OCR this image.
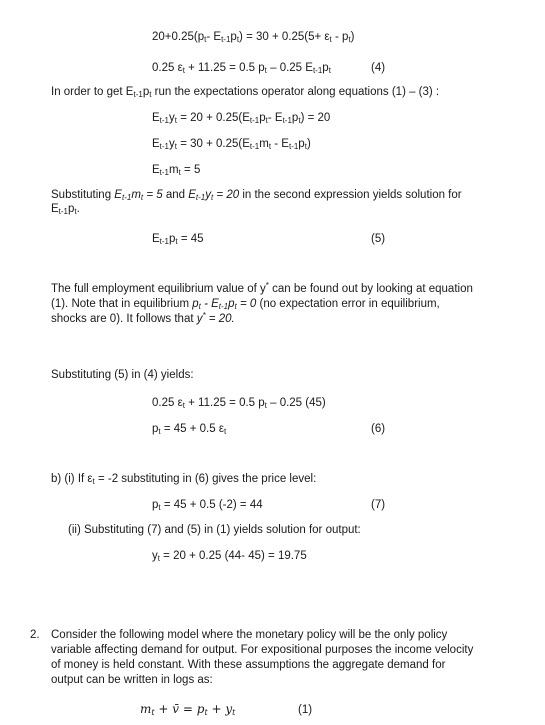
$20+0.25(p_t-$ $E_{t-1}p_t) = 30 + 0.25(5+ \varepsilon_t - p_t)$
0.25 $\varepsilon_t + 11.25 = 0.5$ $p_t - 0.25$ $E_{t-1}p_t$	(4)
In order to get $E_{t-1}p_t$ run the expectations operator along equations (1) – (3) :
$E_{t-1}y_t = 20 + 0.25(E_{t-1}p_t-$ $E_{t-1}p_t) = 20$
$E_{t-1}y_t = 30 + 0.25(E_{t-1}m_t - E_{t-1}p_t)$
$E_{t-1}m_t = 5$
Substituting $E_{t-1}m_t = 5$ and $E_{t-1}y_t = 20$ in the second expression yields solution for
$E_{t-1}p_t$.
$E_{t-1}p_t = 45$	(5)
The full employment equilibrium value of y* can be found out by looking at equation
(1). Note that in equilibrium $p_t - E_{t-1}p_t = 0$ (no expectation error in equilibrium,
shocks are 0). It follows that y* = 20.
Substituting (5) in (4) yields:
0.25 $\varepsilon_t + 11.25 = 0.5$ $p_t - 0.25$ (45)
$p_t = 45 + 0.5$ $\varepsilon_t$	(6)
b) (i) If $\varepsilon_t = -2$ substituting in (6) gives the price level:
$p_t = 45 + 0.5$ (-2) = 44	(7)
(ii) Substituting (7) and (5) in (1) yields solution for output:
$y_t = 20 + 0.25$ (44- 45) = 19.75
2. Consider the following model where the monetary policy will be the only policy
variable affecting demand for output. For expositional purposes the income velocity
of money is held constant. With these assumptions the aggregate demand for
output can be written in logs as:
$m_t$ + v̄ = $p_t + y_t$	(1)
